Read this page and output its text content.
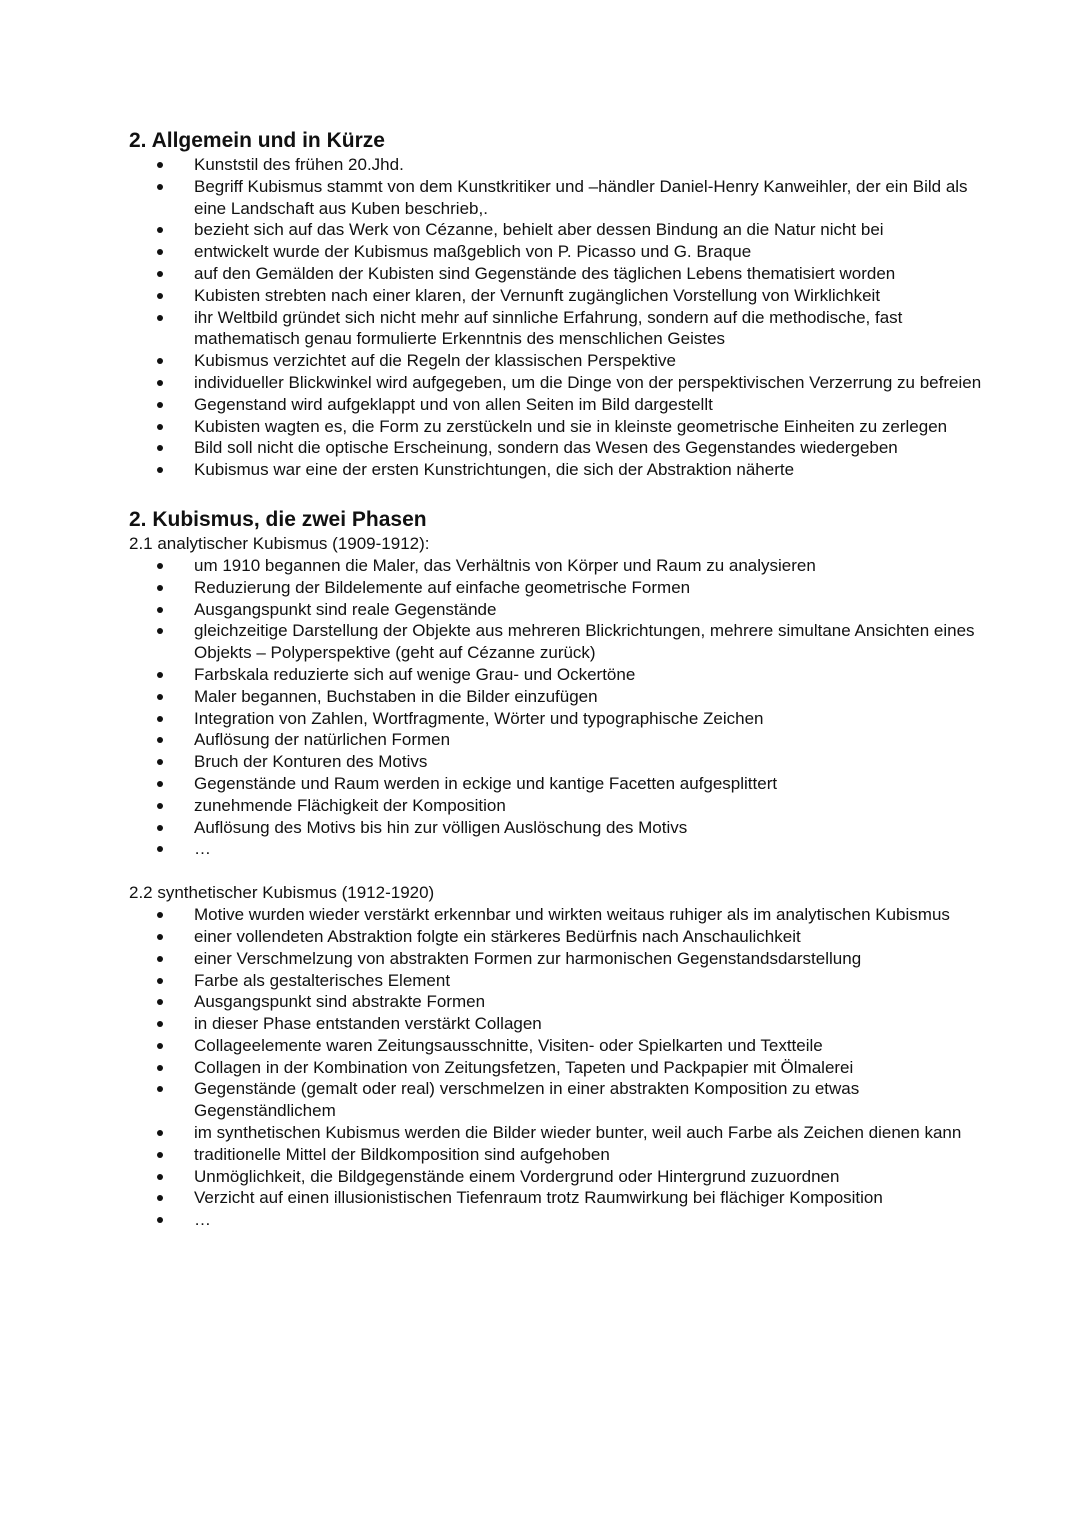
2. Allgemein und in Kürze
Kunststil des frühen 20.Jhd.
Begriff Kubismus stammt von dem Kunstkritiker und –händler Daniel-Henry Kanweihler, der ein Bild als eine Landschaft aus Kuben beschrieb,.
bezieht sich auf das Werk von Cézanne, behielt aber dessen Bindung an die Natur nicht bei
entwickelt wurde der Kubismus maßgeblich von P. Picasso und G. Braque
auf den Gemälden der Kubisten sind Gegenstände des täglichen Lebens thematisiert worden
Kubisten strebten nach einer klaren, der Vernunft zugänglichen Vorstellung von Wirklichkeit
ihr Weltbild gründet sich nicht mehr auf sinnliche Erfahrung, sondern auf die methodische, fast mathematisch genau formulierte Erkenntnis des menschlichen Geistes
Kubismus verzichtet auf die Regeln der klassischen Perspektive
individueller Blickwinkel wird aufgegeben, um die Dinge von der perspektivischen Verzerrung zu befreien
Gegenstand wird aufgeklappt und von allen Seiten im Bild dargestellt
Kubisten wagten es, die Form zu zerstückeln und sie in kleinste geometrische Einheiten zu zerlegen
Bild soll nicht die optische Erscheinung, sondern das Wesen des Gegenstandes wiedergeben
Kubismus war eine der ersten Kunstrichtungen, die sich der Abstraktion näherte
2. Kubismus, die zwei Phasen

2.1 analytischer Kubismus (1909-1912):

um 1910 begannen die Maler, das Verhältnis von Körper und Raum zu analysieren
Reduzierung der Bildelemente auf einfache geometrische Formen
Ausgangspunkt sind reale Gegenstände
gleichzeitige Darstellung der Objekte aus mehreren Blickrichtungen, mehrere simultane Ansichten eines Objekts – Polyperspektive (geht auf Cézanne zurück)
Farbskala reduzierte sich auf wenige Grau- und Ockertöne
Maler begannen, Buchstaben in die Bilder einzufügen
Integration von Zahlen, Wortfragmente, Wörter und typographische Zeichen
Auflösung der natürlichen Formen
Bruch der Konturen des Motivs
Gegenstände und Raum werden in eckige und kantige Facetten aufgesplittert
zunehmende Flächigkeit der Komposition
Auflösung des Motivs bis hin zur völligen Auslöschung des Motivs
…

2.2 synthetischer Kubismus (1912-1920)

Motive wurden wieder verstärkt erkennbar und wirkten weitaus ruhiger als im analytischen Kubismus
einer vollendeten Abstraktion folgte ein stärkeres Bedürfnis nach Anschaulichkeit
einer Verschmelzung von abstrakten Formen zur harmonischen Gegenstandsdarstellung
Farbe als gestalterisches Element
Ausgangspunkt sind abstrakte Formen
in dieser Phase entstanden verstärkt Collagen
Collageelemente waren Zeitungsausschnitte, Visiten- oder Spielkarten und Textteile
Collagen in der Kombination von Zeitungsfetzen, Tapeten und Packpapier mit Ölmalerei
Gegenstände (gemalt oder real) verschmelzen in einer abstrakten Komposition zu etwas Gegenständlichem
im synthetischen Kubismus werden die Bilder wieder bunter, weil auch Farbe als Zeichen dienen kann
traditionelle Mittel der Bildkomposition sind aufgehoben
Unmöglichkeit, die Bildgegenstände einem Vordergrund oder Hintergrund zuzuordnen
Verzicht auf einen illusionistischen Tiefenraum trotz Raumwirkung bei flächiger Komposition
…
